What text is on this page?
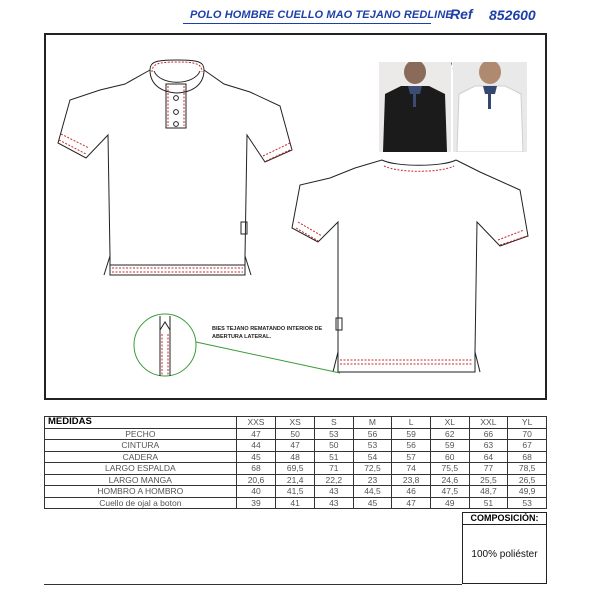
POLO HOMBRE CUELLO MAO TEJANO REDLINE
Ref 852600
BIES TEJANO REMATANDO INTERIOR DE ABERTURA LATERAL.
MEDIDAS	XXS	XS	S	M	L	XL	XXL	YL
PECHO	47	50	53	56	59	62	66	70
CINTURA	44	47	50	53	56	59	63	67
CADERA	45	48	51	54	57	60	64	68
LARGO ESPALDA	68	69,5	71	72,5	74	75,5	77	78,5
LARGO MANGA	20,6	21,4	22,2	23	23,8	24,6	25,5	26,5
HOMBRO A HOMBRO	40	41,5	43	44,5	46	47,5	48,7	49,9
Cuello de ojal a boton	39	41	43	45	47	49	51	53
COMPOSICIÓN:
100% poliéster
